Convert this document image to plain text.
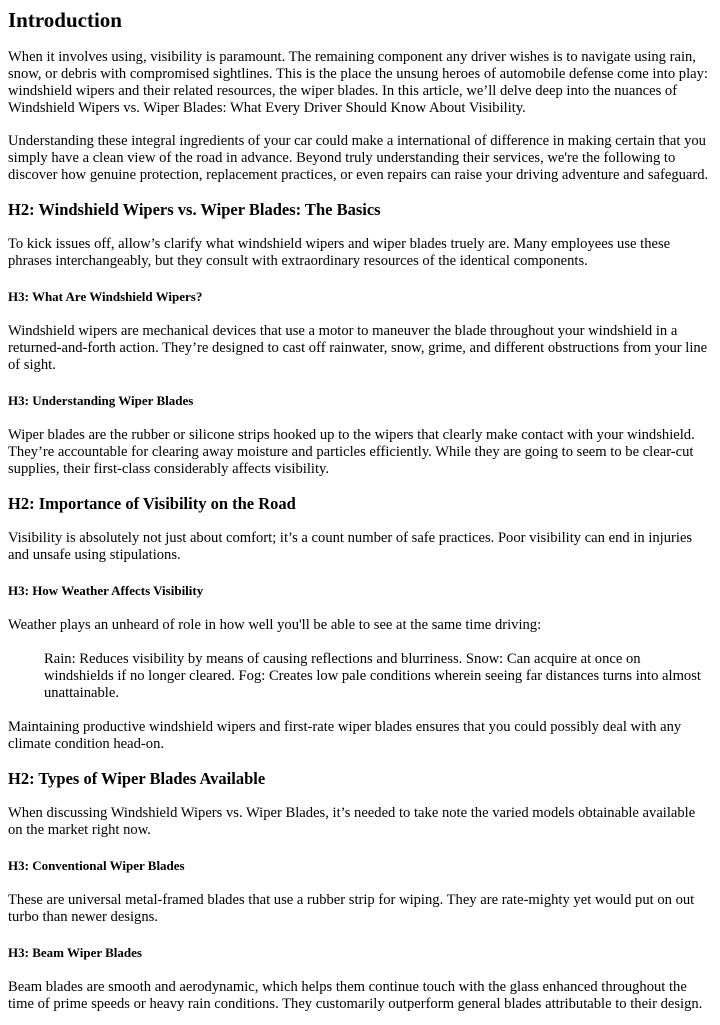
Introduction

When it involves using, visibility is paramount. The remaining component any driver wishes is to navigate using rain, snow, or debris with compromised sightlines. This is the place the unsung heroes of automobile defense come into play: windshield wipers and their related resources, the wiper blades. In this article, we’ll delve deep into the nuances of Windshield Wipers vs. Wiper Blades: What Every Driver Should Know About Visibility.

Understanding these integral ingredients of your car could make a international of difference in making certain that you simply have a clean view of the road in advance. Beyond truly understanding their services, we're the following to discover how genuine protection, replacement practices, or even repairs can raise your driving adventure and safeguard.

H2: Windshield Wipers vs. Wiper Blades: The Basics

To kick issues off, allow’s clarify what windshield wipers and wiper blades truely are. Many employees use these phrases interchangeably, but they consult with extraordinary resources of the identical components.

H3: What Are Windshield Wipers?

Windshield wipers are mechanical devices that use a motor to maneuver the blade throughout your windshield in a returned-and-forth action. They’re designed to cast off rainwater, snow, grime, and different obstructions from your line of sight.

H3: Understanding Wiper Blades

Wiper blades are the rubber or silicone strips hooked up to the wipers that clearly make contact with your windshield. They’re accountable for clearing away moisture and particles efficiently. While they are going to seem to be clear-cut supplies, their first-class considerably affects visibility.

H2: Importance of Visibility on the Road

Visibility is absolutely not just about comfort; it’s a count number of safe practices. Poor visibility can end in injuries and unsafe using stipulations.

H3: How Weather Affects Visibility

Weather plays an unheard of role in how well you'll be able to see at the same time driving:

Rain: Reduces visibility by means of causing reflections and blurriness. Snow: Can acquire at once on windshields if no longer cleared. Fog: Creates low pale conditions wherein seeing far distances turns into almost unattainable.

Maintaining productive windshield wipers and first-rate wiper blades ensures that you could possibly deal with any climate condition head-on.

H2: Types of Wiper Blades Available

When discussing Windshield Wipers vs. Wiper Blades, it’s needed to take note the varied models obtainable available on the market right now.

H3: Conventional Wiper Blades

These are universal metal-framed blades that use a rubber strip for wiping. They are rate-mighty yet would put on out turbo than newer designs.

H3: Beam Wiper Blades

Beam blades are smooth and aerodynamic, which helps them continue touch with the glass enhanced throughout the time of prime speeds or heavy rain conditions. They customarily outperform general blades attributable to their design.
